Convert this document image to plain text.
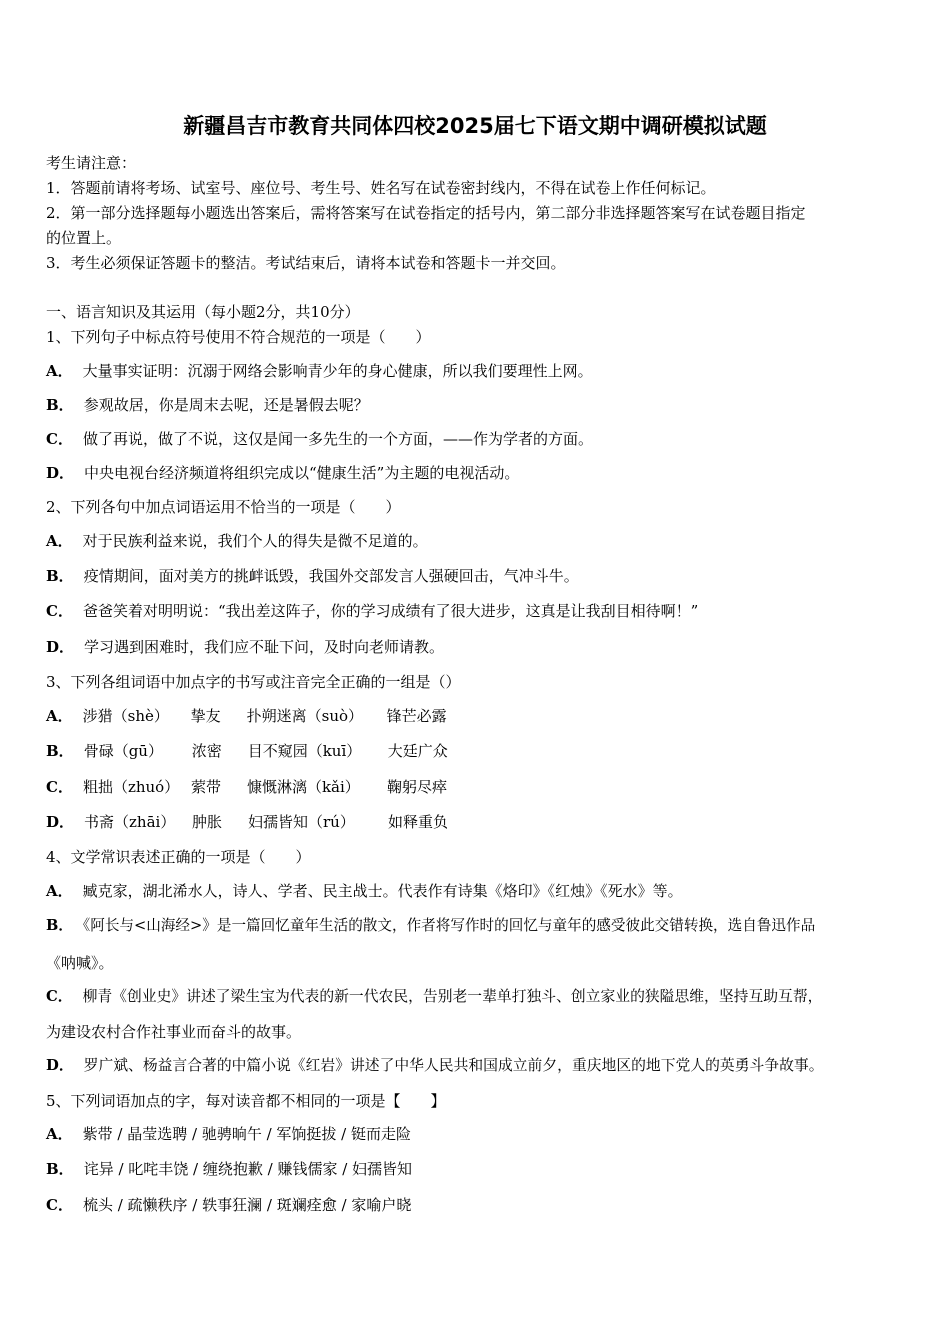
新疆昌吉市教育共同体四校2025届七下语文期中调研模拟试题
考生请注意：
1．答题前请将考场、试室号、座位号、考生号、姓名写在试卷密封线内，不得在试卷上作任何标记。
2．第一部分选择题每小题选出答案后，需将答案写在试卷指定的括号内，第二部分非选择题答案写在试卷题目指定
的位置上。
3．考生必须保证答题卡的整洁。考试结束后，请将本试卷和答题卡一并交回。
一、语言知识及其运用（每小题2分，共10分）
1、下列句子中标点符号使用不符合规范的一项是（　　）
A． 大量事实证明：沉溺于网络会影响青少年的身心健康，所以我们要理性上网。
B． 参观故居，你是周末去呢，还是暑假去呢？
C． 做了再说，做了不说，这仅是闻一多先生的一个方面，——作为学者的方面。
D． 中央电视台经济频道将组织完成以“健康生活”为主题的电视活动。
2、下列各句中加点词语运用不恰当的一项是（　　）
A． 对于民族利益来说，我们个人的得失是微不足道的。
B． 疫情期间，面对美方的挑衅诋毁，我国外交部发言人强硬回击，气冲斗牛。
C． 爸爸笑着对明明说：“我出差这阵子，你的学习成绩有了很大进步，这真是让我刮目相待啊！”
D． 学习遇到困难时，我们应不耻下问，及时向老师请教。
3、下列各组词语中加点字的书写或注音完全正确的一组是（）
A． 涉猎（shè） 挚友 扑朔迷离（suò） 锋芒必露
B． 骨碌（gū） 浓密 目不窥园（kuī） 大廷广众
C． 粗拙（zhuó） 萦带 慷慨淋漓（kǎi） 鞠躬尽瘁
D． 书斋（zhāi） 肿胀 妇孺皆知（rú） 如释重负
4、文学常识表述正确的一项是（　　）
A． 臧克家，湖北浠水人，诗人、学者、民主战士。代表作有诗集《烙印》《红烛》《死水》等。
B． 《阿长与<山海经>》是一篇回忆童年生活的散文，作者将写作时的回忆与童年的感受彼此交错转换，选自鲁迅作品
《呐喊》。
C． 柳青《创业史》讲述了梁生宝为代表的新一代农民，告别老一辈单打独斗、创立家业的狭隘思维，坚持互助互帮，
为建设农村合作社事业而奋斗的故事。
D． 罗广斌、杨益言合著的中篇小说《红岩》讲述了中华人民共和国成立前夕，重庆地区的地下党人的英勇斗争故事。
5、下列词语加点的字，每对读音都不相同的一项是【　　】
A． 紫带 / 晶莹选聘 / 驰骋晌午 / 军饷挺拔 / 铤而走险
B． 诧异 / 叱咤丰饶 / 缠绕抱歉 / 赚钱儒家 / 妇孺皆知
C． 梳头 / 疏懒秩序 / 轶事狂澜 / 斑斓痊愈 / 家喻户晓
